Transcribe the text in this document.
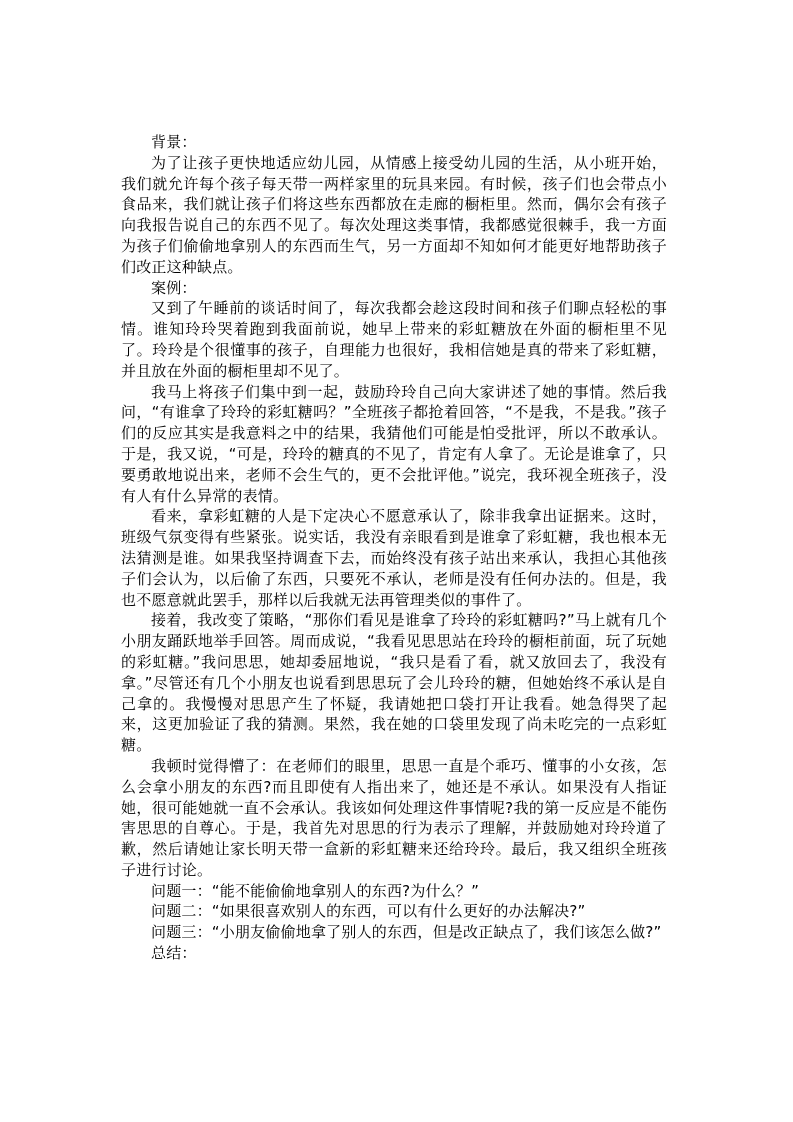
背景：

为了让孩子更快地适应幼儿园，从情感上接受幼儿园的生活，从小班开始，我们就允许每个孩子每天带一两样家里的玩具来园。有时候，孩子们也会带点小食品来，我们就让孩子们将这些东西都放在走廊的橱柜里。然而，偶尔会有孩子向我报告说自己的东西不见了。每次处理这类事情，我都感觉很棘手，我一方面为孩子们偷偷地拿别人的东西而生气，另一方面却不知如何才能更好地帮助孩子们改正这种缺点。

案例：

又到了午睡前的谈话时间了，每次我都会趁这段时间和孩子们聊点轻松的事情。谁知玲玲哭着跑到我面前说，她早上带来的彩虹糖放在外面的橱柜里不见了。玲玲是个很懂事的孩子，自理能力也很好，我相信她是真的带来了彩虹糖，并且放在外面的橱柜里却不见了。

我马上将孩子们集中到一起，鼓励玲玲自己向大家讲述了她的事情。然后我问，“有谁拿了玲玲的彩虹糖吗？”全班孩子都抢着回答，“不是我，不是我。”孩子们的反应其实是我意料之中的结果，我猜他们可能是怕受批评，所以不敢承认。于是，我又说，“可是，玲玲的糖真的不见了，肯定有人拿了。无论是谁拿了，只要勇敢地说出来，老师不会生气的，更不会批评他。”说完，我环视全班孩子，没有人有什么异常的表情。

看来，拿彩虹糖的人是下定决心不愿意承认了，除非我拿出证据来。这时，班级气氛变得有些紧张。说实话，我没有亲眼看到是谁拿了彩虹糖，我也根本无法猜测是谁。如果我坚持调查下去，而始终没有孩子站出来承认，我担心其他孩子们会认为，以后偷了东西，只要死不承认，老师是没有任何办法的。但是，我也不愿意就此罢手，那样以后我就无法再管理类似的事件了。

接着，我改变了策略，“那你们看见是谁拿了玲玲的彩虹糖吗?”马上就有几个小朋友踊跃地举手回答。周而成说，“我看见思思站在玲玲的橱柜前面，玩了玩她的彩虹糖。”我问思思，她却委屈地说，“我只是看了看，就又放回去了，我没有拿。”尽管还有几个小朋友也说看到思思玩了会儿玲玲的糖，但她始终不承认是自己拿的。我慢慢对思思产生了怀疑，我请她把口袋打开让我看。她急得哭了起来，这更加验证了我的猜测。果然，我在她的口袋里发现了尚未吃完的一点彩虹糖。

我顿时觉得懵了：在老师们的眼里，思思一直是个乖巧、懂事的小女孩，怎么会拿小朋友的东西?而且即使有人指出来了，她还是不承认。如果没有人指证她，很可能她就一直不会承认。我该如何处理这件事情呢?我的第一反应是不能伤害思思的自尊心。于是，我首先对思思的行为表示了理解，并鼓励她对玲玲道了歉，然后请她让家长明天带一盒新的彩虹糖来还给玲玲。最后，我又组织全班孩子进行讨论。

问题一：“能不能偷偷地拿别人的东西?为什么？”

问题二：“如果很喜欢别人的东西，可以有什么更好的办法解决?”

问题三：“小朋友偷偷地拿了别人的东西，但是改正缺点了，我们该怎么做?”

总结：
